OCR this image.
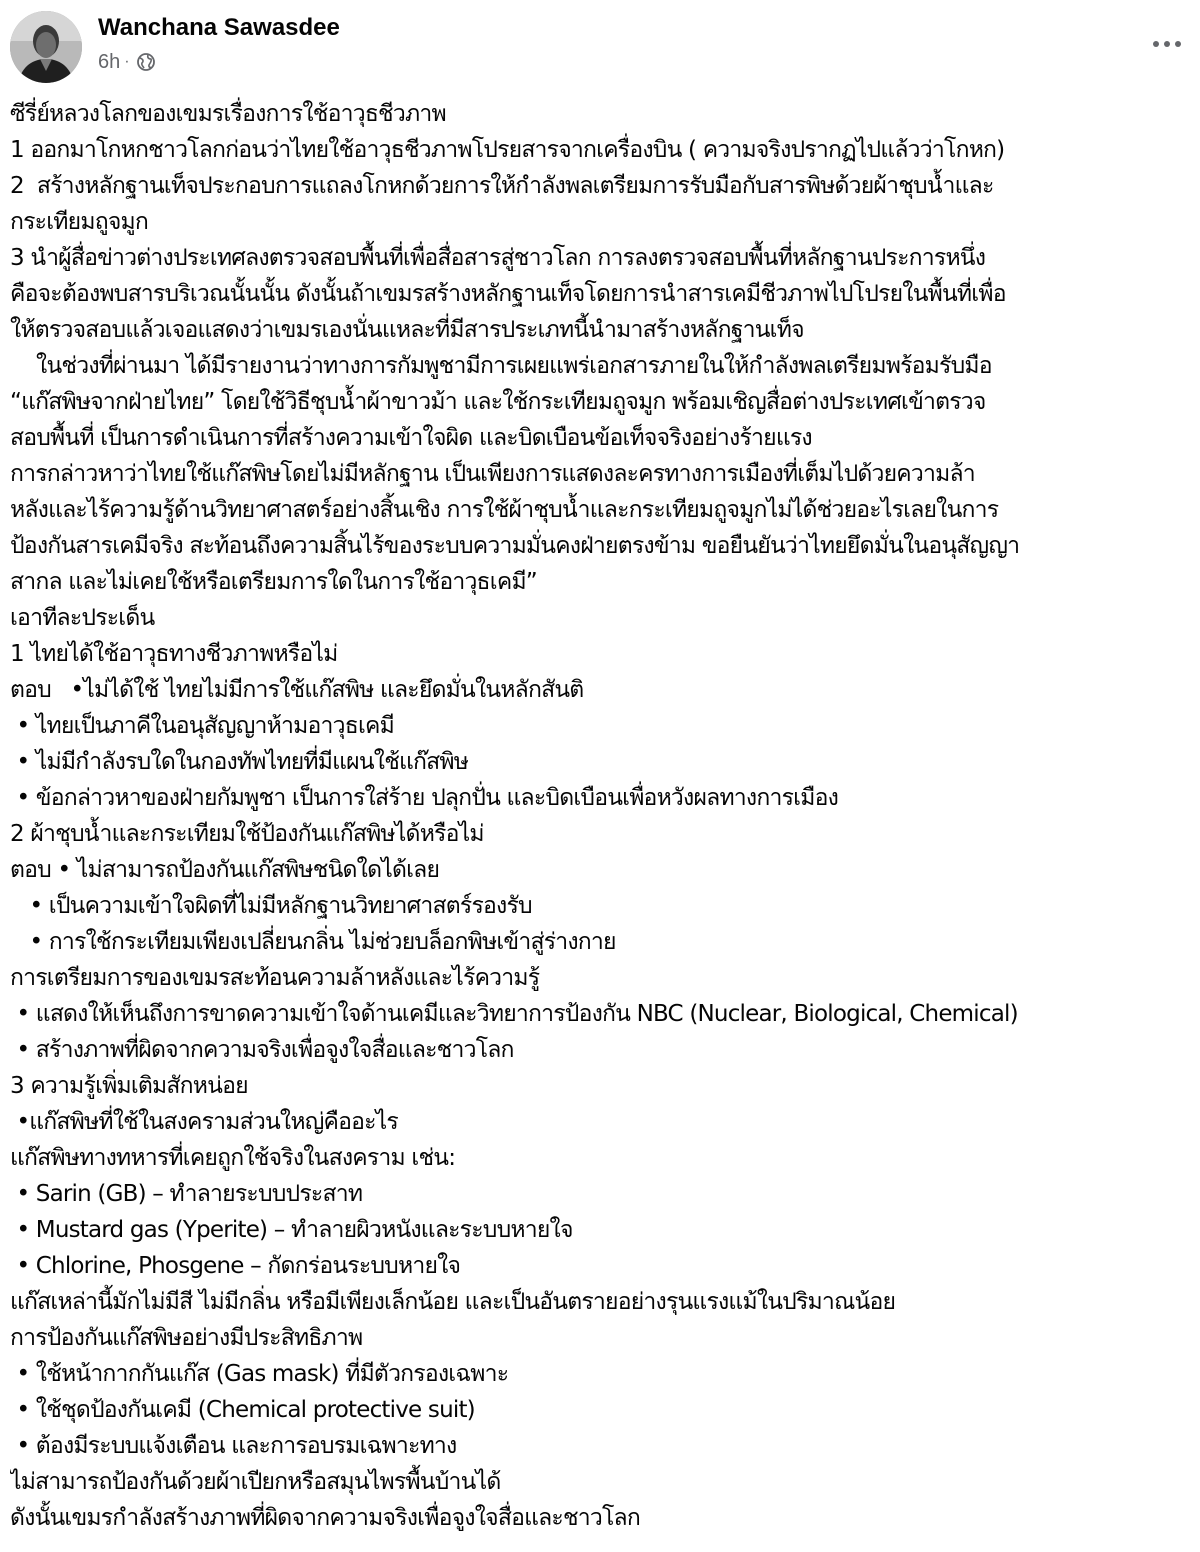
Wanchana Sawasdee
6h ·
ซีรี่ย์หลวงโลกของเขมรเรื่องการใช้อาวุธชีวภาพ
1 ออกมาโกหกชาวโลกก่อนว่าไทยใช้อาวุธชีวภาพโปรยสารจากเครื่องบิน ( ความจริงปรากฏไปแล้วว่าโกหก)
2  สร้างหลักฐานเท็จประกอบการแถลงโกหกด้วยการให้กำลังพลเตรียมการรับมือกับสารพิษด้วยผ้าชุบน้ำและ
กระเทียมถูจมูก
3 นำผู้สื่อข่าวต่างประเทศลงตรวจสอบพื้นที่เพื่อสื่อสารสู่ชาวโลก การลงตรวจสอบพื้นที่หลักฐานประการหนึ่ง
คือจะต้องพบสารบริเวณนั้นนั้น ดังนั้นถ้าเขมรสร้างหลักฐานเท็จโดยการนำสารเคมีชีวภาพไปโปรยในพื้นที่เพื่อ
ให้ตรวจสอบแล้วเจอแสดงว่าเขมรเองนั่นแหละที่มีสารประเภทนี้นำมาสร้างหลักฐานเท็จ
ในช่วงที่ผ่านมา ได้มีรายงานว่าทางการกัมพูชามีการเผยแพร่เอกสารภายในให้กำลังพลเตรียมพร้อมรับมือ
“แก๊สพิษจากฝ่ายไทย” โดยใช้วิธีชุบน้ำผ้าขาวม้า และใช้กระเทียมถูจมูก พร้อมเชิญสื่อต่างประเทศเข้าตรวจ
สอบพื้นที่ เป็นการดำเนินการที่สร้างความเข้าใจผิด และบิดเบือนข้อเท็จจริงอย่างร้ายแรง
การกล่าวหาว่าไทยใช้แก๊สพิษโดยไม่มีหลักฐาน เป็นเพียงการแสดงละครทางการเมืองที่เต็มไปด้วยความล้า
หลังและไร้ความรู้ด้านวิทยาศาสตร์อย่างสิ้นเชิง การใช้ผ้าชุบน้ำและกระเทียมถูจมูกไม่ได้ช่วยอะไรเลยในการ
ป้องกันสารเคมีจริง สะท้อนถึงความสิ้นไร้ของระบบความมั่นคงฝ่ายตรงข้าม ขอยืนยันว่าไทยยึดมั่นในอนุสัญญา
สากล และไม่เคยใช้หรือเตรียมการใดในการใช้อาวุธเคมี”
เอาทีละประเด็น
1 ไทยได้ใช้อาวุธทางชีวภาพหรือไม่
ตอบ   •ไม่ได้ใช้ ไทยไม่มีการใช้แก๊สพิษ และยึดมั่นในหลักสันติ
• ไทยเป็นภาคีในอนุสัญญาห้ามอาวุธเคมี
• ไม่มีกำลังรบใดในกองทัพไทยที่มีแผนใช้แก๊สพิษ
• ข้อกล่าวหาของฝ่ายกัมพูชา เป็นการใส่ร้าย ปลุกปั่น และบิดเบือนเพื่อหวังผลทางการเมือง
2 ผ้าชุบน้ำและกระเทียมใช้ป้องกันแก๊สพิษได้หรือไม่
ตอบ • ไม่สามารถป้องกันแก๊สพิษชนิดใดได้เลย
• เป็นความเข้าใจผิดที่ไม่มีหลักฐานวิทยาศาสตร์รองรับ
• การใช้กระเทียมเพียงเปลี่ยนกลิ่น ไม่ช่วยบล็อกพิษเข้าสู่ร่างกาย
การเตรียมการของเขมรสะท้อนความล้าหลังและไร้ความรู้
• แสดงให้เห็นถึงการขาดความเข้าใจด้านเคมีและวิทยาการป้องกัน NBC (Nuclear, Biological, Chemical)
• สร้างภาพที่ผิดจากความจริงเพื่อจูงใจสื่อและชาวโลก
3 ความรู้เพิ่มเติมสักหน่อย
•แก๊สพิษที่ใช้ในสงครามส่วนใหญ่คืออะไร
แก๊สพิษทางทหารที่เคยถูกใช้จริงในสงคราม เช่น:
• Sarin (GB) – ทำลายระบบประสาท
• Mustard gas (Yperite) – ทำลายผิวหนังและระบบหายใจ
• Chlorine, Phosgene – กัดกร่อนระบบหายใจ
แก๊สเหล่านี้มักไม่มีสี ไม่มีกลิ่น หรือมีเพียงเล็กน้อย และเป็นอันตรายอย่างรุนแรงแม้ในปริมาณน้อย
การป้องกันแก๊สพิษอย่างมีประสิทธิภาพ
• ใช้หน้ากากกันแก๊ส (Gas mask) ที่มีตัวกรองเฉพาะ
• ใช้ชุดป้องกันเคมี (Chemical protective suit)
• ต้องมีระบบแจ้งเตือน และการอบรมเฉพาะทาง
ไม่สามารถป้องกันด้วยผ้าเปียกหรือสมุนไพรพื้นบ้านได้
ดังนั้นเขมรกำลังสร้างภาพที่ผิดจากความจริงเพื่อจูงใจสื่อและชาวโลก
